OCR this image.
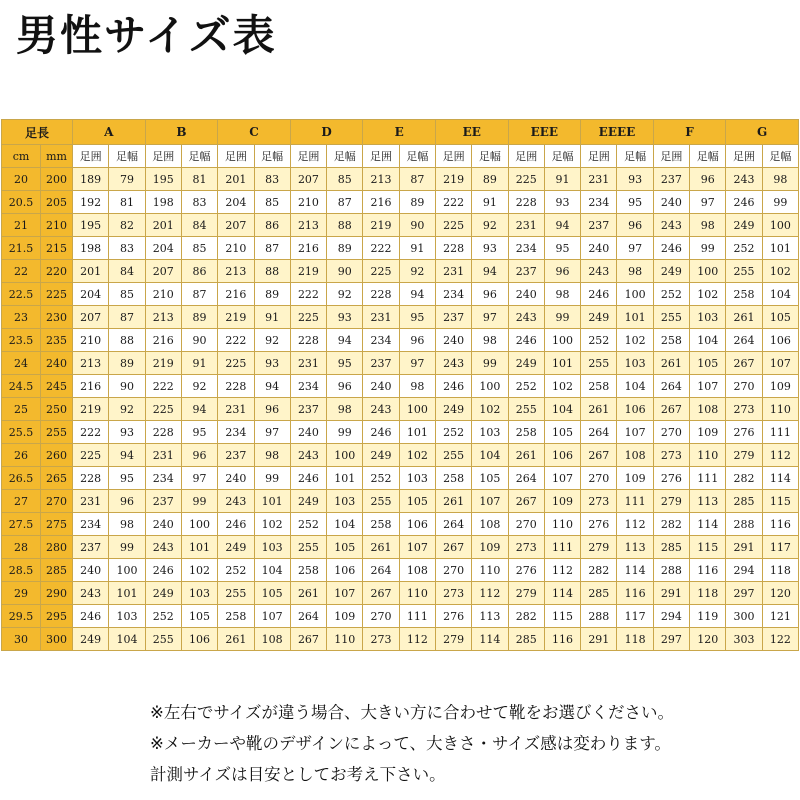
男性サイズ表
足長		A		B		C		D		E		EE		EEE		EEEE		F		G	
cm	mm	足囲	足幅	足囲	足幅	足囲	足幅	足囲	足幅	足囲	足幅	足囲	足幅	足囲	足幅	足囲	足幅	足囲	足幅	足囲	足幅
20	200	189	79	195	81	201	83	207	85	213	87	219	89	225	91	231	93	237	96	243	98
20.5	205	192	81	198	83	204	85	210	87	216	89	222	91	228	93	234	95	240	97	246	99
21	210	195	82	201	84	207	86	213	88	219	90	225	92	231	94	237	96	243	98	249	100
21.5	215	198	83	204	85	210	87	216	89	222	91	228	93	234	95	240	97	246	99	252	101
22	220	201	84	207	86	213	88	219	90	225	92	231	94	237	96	243	98	249	100	255	102
22.5	225	204	85	210	87	216	89	222	92	228	94	234	96	240	98	246	100	252	102	258	104
23	230	207	87	213	89	219	91	225	93	231	95	237	97	243	99	249	101	255	103	261	105
23.5	235	210	88	216	90	222	92	228	94	234	96	240	98	246	100	252	102	258	104	264	106
24	240	213	89	219	91	225	93	231	95	237	97	243	99	249	101	255	103	261	105	267	107
24.5	245	216	90	222	92	228	94	234	96	240	98	246	100	252	102	258	104	264	107	270	109
25	250	219	92	225	94	231	96	237	98	243	100	249	102	255	104	261	106	267	108	273	110
25.5	255	222	93	228	95	234	97	240	99	246	101	252	103	258	105	264	107	270	109	276	111
26	260	225	94	231	96	237	98	243	100	249	102	255	104	261	106	267	108	273	110	279	112
26.5	265	228	95	234	97	240	99	246	101	252	103	258	105	264	107	270	109	276	111	282	114
27	270	231	96	237	99	243	101	249	103	255	105	261	107	267	109	273	111	279	113	285	115
27.5	275	234	98	240	100	246	102	252	104	258	106	264	108	270	110	276	112	282	114	288	116
28	280	237	99	243	101	249	103	255	105	261	107	267	109	273	111	279	113	285	115	291	117
28.5	285	240	100	246	102	252	104	258	106	264	108	270	110	276	112	282	114	288	116	294	118
29	290	243	101	249	103	255	105	261	107	267	110	273	112	279	114	285	116	291	118	297	120
29.5	295	246	103	252	105	258	107	264	109	270	111	276	113	282	115	288	117	294	119	300	121
30	300	249	104	255	106	261	108	267	110	273	112	279	114	285	116	291	118	297	120	303	122
※左右でサイズが違う場合、大きい方に合わせて靴をお選びください。
※メーカーや靴のデザインによって、大きさ・サイズ感は変わります。
計測サイズは目安としてお考え下さい。
